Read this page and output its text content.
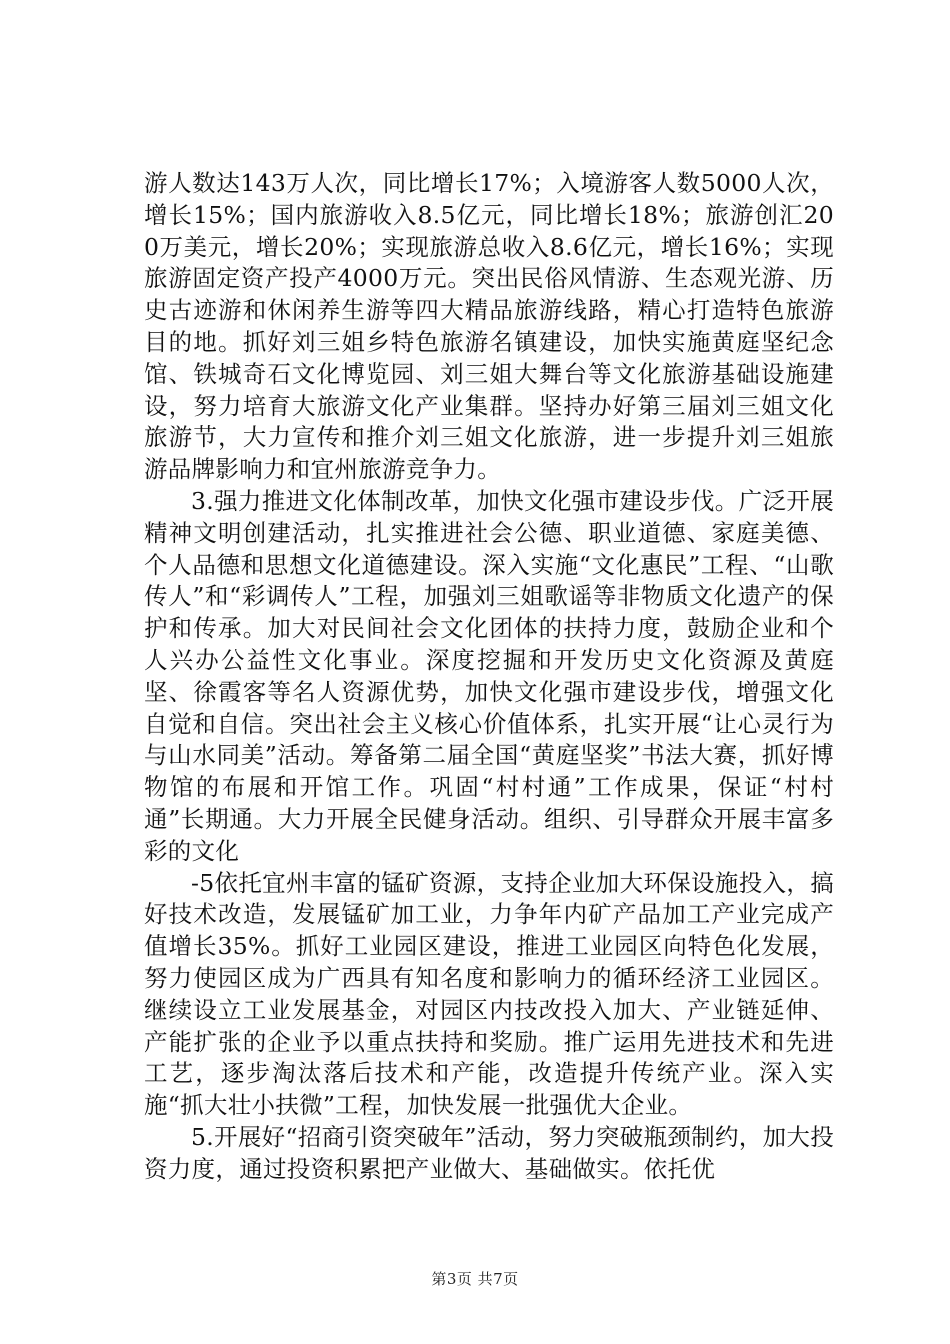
游人数达143万人次，同比增长17%；入境游客人数5000人次，增长15%；国内旅游收入8.5亿元，同比增长18%；旅游创汇200万美元，增长20%；实现旅游总收入8.6亿元，增长16%；实现旅游固定资产投产4000万元。突出民俗风情游、生态观光游、历史古迹游和休闲养生游等四大精品旅游线路，精心打造特色旅游目的地。抓好刘三姐乡特色旅游名镇建设，加快实施黄庭坚纪念馆、铁城奇石文化博览园、刘三姐大舞台等文化旅游基础设施建设，努力培育大旅游文化产业集群。坚持办好第三届刘三姐文化旅游节，大力宣传和推介刘三姐文化旅游，进一步提升刘三姐旅游品牌影响力和宜州旅游竞争力。

3.强力推进文化体制改革，加快文化强市建设步伐。广泛开展精神文明创建活动，扎实推进社会公德、职业道德、家庭美德、个人品德和思想文化道德建设。深入实施“文化惠民”工程、“山歌传人”和“彩调传人”工程，加强刘三姐歌谣等非物质文化遗产的保护和传承。加大对民间社会文化团体的扶持力度，鼓励企业和个人兴办公益性文化事业。深度挖掘和开发历史文化资源及黄庭坚、徐霞客等名人资源优势，加快文化强市建设步伐，增强文化自觉和自信。突出社会主义核心价值体系，扎实开展“让心灵行为与山水同美”活动。筹备第二届全国“黄庭坚奖”书法大赛，抓好博物馆的布展和开馆工作。巩固“村村通”工作成果，保证“村村通”长期通。大力开展全民健身活动。组织、引导群众开展丰富多彩的文化

-5依托宜州丰富的锰矿资源，支持企业加大环保设施投入，搞好技术改造，发展锰矿加工业，力争年内矿产品加工产业完成产值增长35%。抓好工业园区建设，推进工业园区向特色化发展，努力使园区成为广西具有知名度和影响力的循环经济工业园区。继续设立工业发展基金，对园区内技改投入加大、产业链延伸、产能扩张的企业予以重点扶持和奖励。推广运用先进技术和先进工艺，逐步淘汰落后技术和产能，改造提升传统产业。深入实施“抓大壮小扶微”工程，加快发展一批强优大企业。

5.开展好“招商引资突破年”活动，努力突破瓶颈制约，加大投资力度，通过投资积累把产业做大、基础做实。依托优

第3页 共7页
